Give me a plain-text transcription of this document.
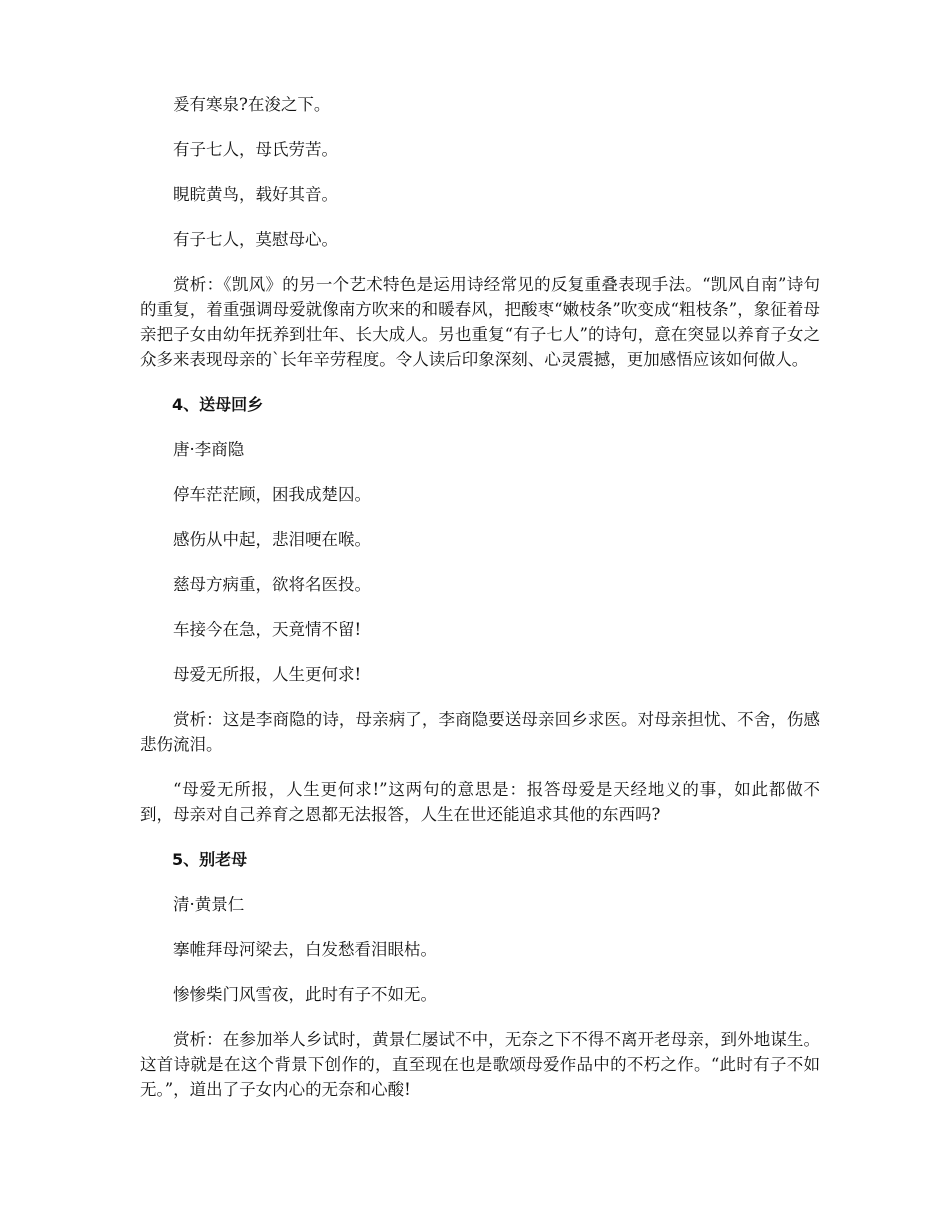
爰有寒泉?在浚之下。

有子七人，母氏劳苦。

睍睆黄鸟，载好其音。

有子七人，莫慰母心。

赏析：《凯风》的另一个艺术特色是运用诗经常见的反复重叠表现手法。“凯风自南”诗句的重复，着重强调母爱就像南方吹来的和暖春风，把酸枣“嫩枝条”吹变成“粗枝条”，象征着母亲把子女由幼年抚养到壮年、长大成人。另也重复“有子七人”的诗句，意在突显以养育子女之众多来表现母亲的`长年辛劳程度。令人读后印象深刻、心灵震撼，更加感悟应该如何做人。

4、送母回乡

唐·李商隐

停车茫茫顾，困我成楚囚。

感伤从中起，悲泪哽在喉。

慈母方病重，欲将名医投。

车接今在急，天竟情不留!

母爱无所报，人生更何求!

赏析：这是李商隐的诗，母亲病了，李商隐要送母亲回乡求医。对母亲担忧、不舍，伤感悲伤流泪。

“母爱无所报，人生更何求!”这两句的意思是：报答母爱是天经地义的事，如此都做不到，母亲对自己养育之恩都无法报答，人生在世还能追求其他的东西吗?

5、别老母

清·黄景仁

搴帷拜母河梁去，白发愁看泪眼枯。

惨惨柴门风雪夜，此时有子不如无。

赏析：在参加举人乡试时，黄景仁屡试不中，无奈之下不得不离开老母亲，到外地谋生。这首诗就是在这个背景下创作的，直至现在也是歌颂母爱作品中的不朽之作。“此时有子不如无。”，道出了子女内心的无奈和心酸!
